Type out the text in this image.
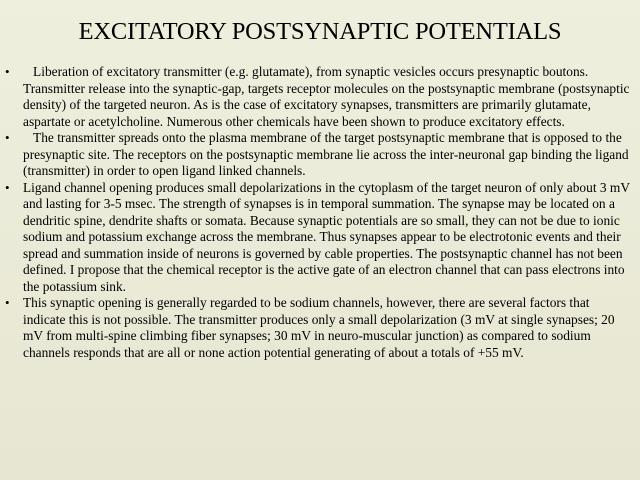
EXCITATORY POSTSYNAPTIC POTENTIALS
•	Liberation of excitatory transmitter (e.g. glutamate), from synaptic vesicles occurs presynaptic boutons. Transmitter release into the synaptic-gap, targets receptor molecules on the postsynaptic membrane (postsynaptic density) of the targeted neuron. As is the case of excitatory synapses, transmitters are primarily glutamate, aspartate or acetylcholine. Numerous other chemicals have been shown to produce excitatory effects.
•	The transmitter spreads onto the plasma membrane of the target postsynaptic membrane that is opposed to the presynaptic site. The receptors on the postsynaptic membrane lie across the inter-neuronal gap binding the ligand (transmitter) in order to open ligand linked channels.
•	Ligand channel opening produces small depolarizations in the cytoplasm of the target neuron of only about 3 mV and lasting for 3-5 msec. The strength of synapses is in temporal summation. The synapse may be located on a dendritic spine, dendrite shafts or somata. Because synaptic potentials are so small, they can not be due to ionic sodium and potassium exchange across the membrane. Thus synapses appear to be electrotonic events and their spread and summation inside of neurons is governed by cable properties. The postsynaptic channel has not been defined. I propose that the chemical receptor is the active gate of an electron channel that can pass electrons into the potassium sink.
•	This synaptic opening is generally regarded to be sodium channels, however, there are several factors that indicate this is not possible. The transmitter produces only a small depolarization (3 mV at single synapses; 20 mV from multi-spine climbing fiber synapses; 30 mV in neuro-muscular junction) as compared to sodium channels responds that are all or none action potential generating of about a totals of +55 mV.
